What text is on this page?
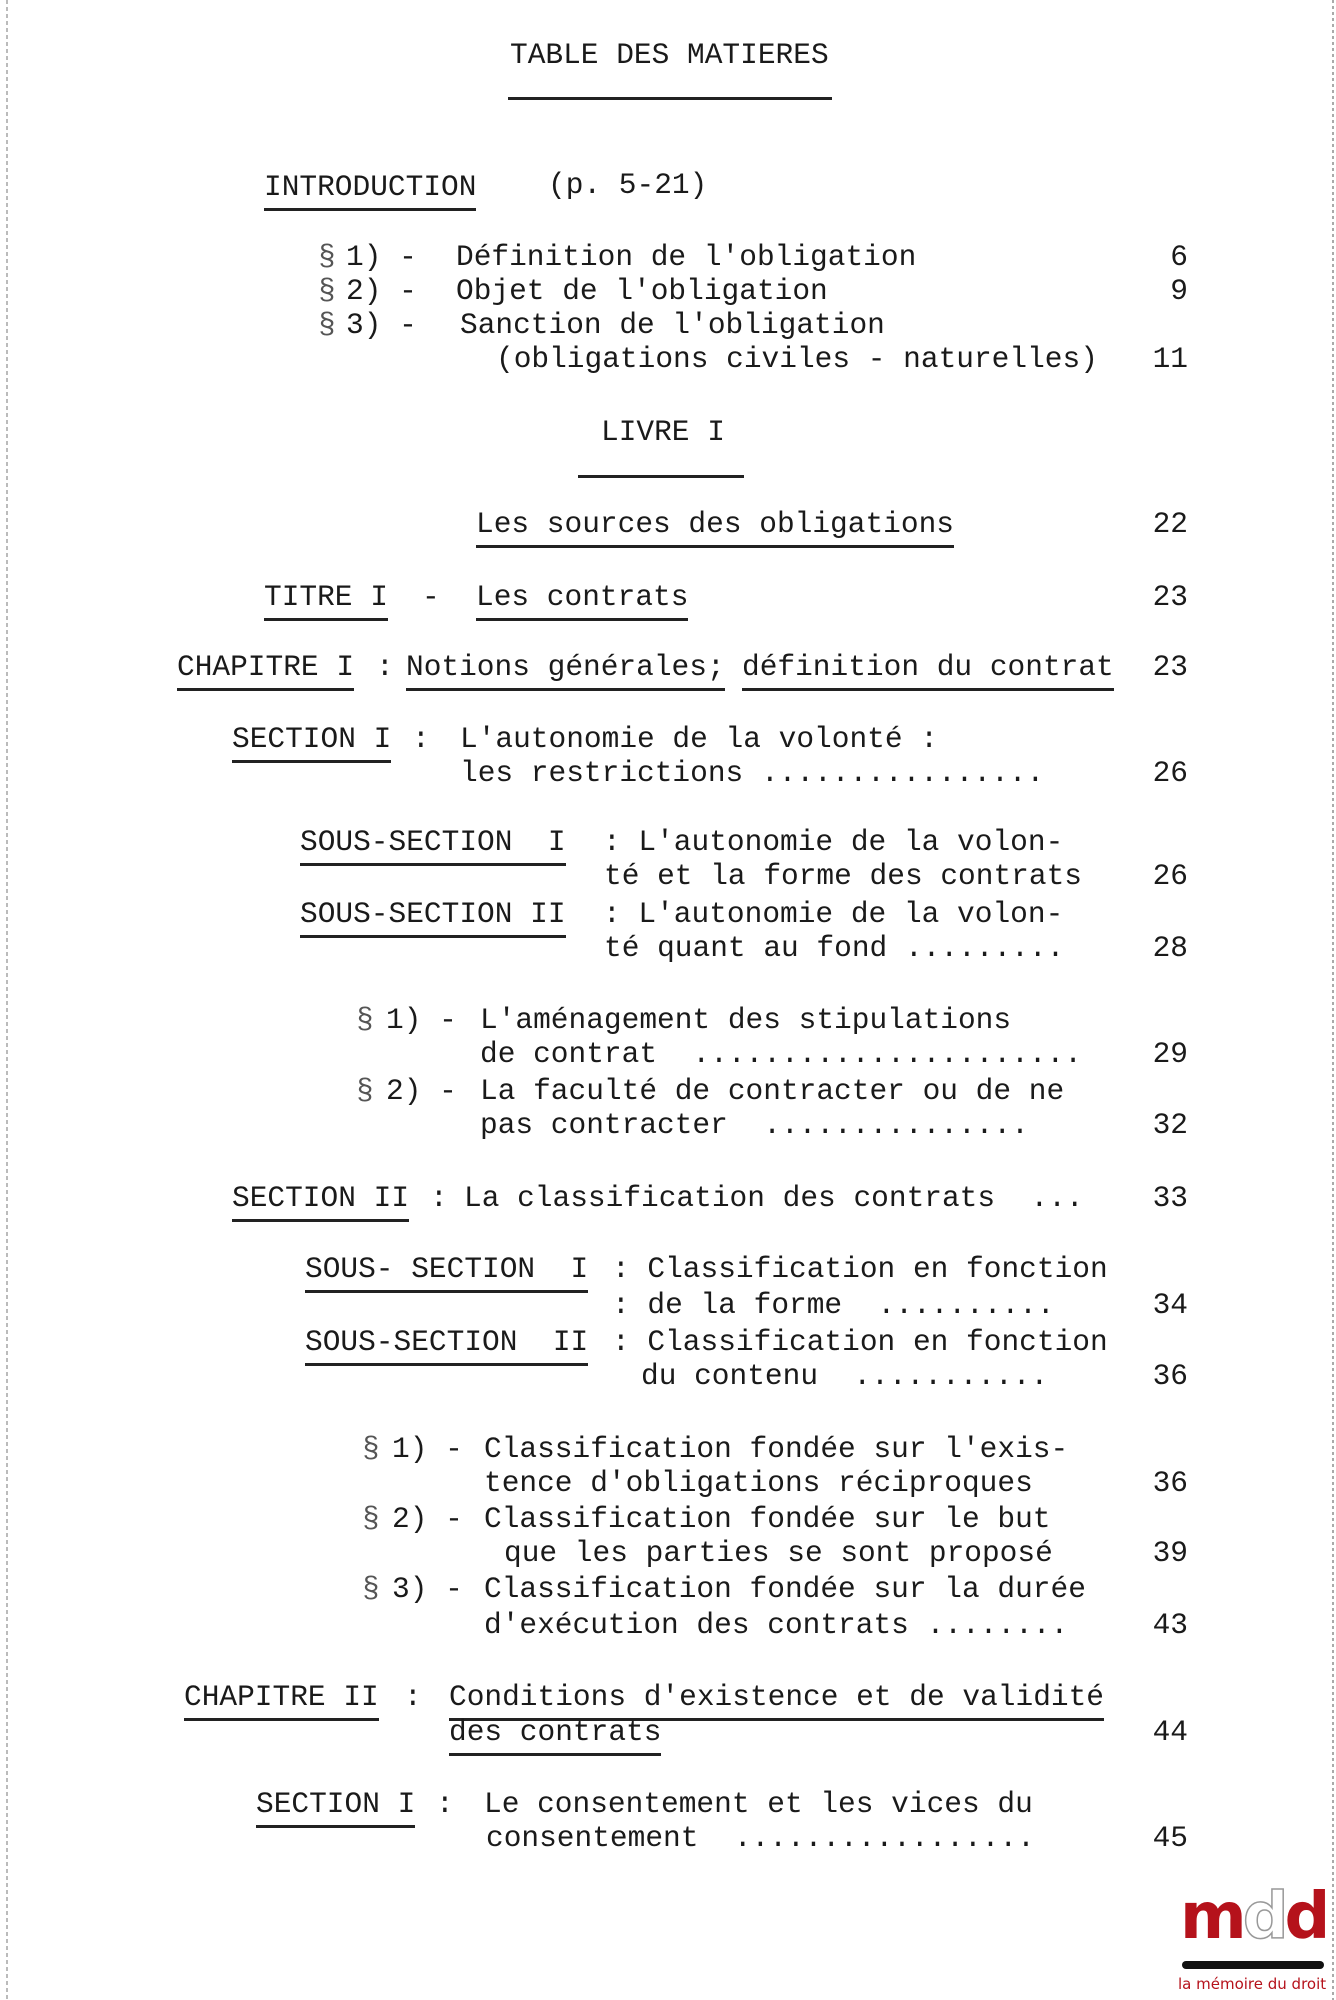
TABLE DES MATIERES
INTRODUCTION (p. 5-21)
§ 1) - Définition de l'obligation	6
§ 2) - Objet de l'obligation	9
§ 3) - Sanction de l'obligation
(obligations civiles - naturelles)	11
LIVRE I
Les sources des obligations	22
TITRE I - Les contrats	23
CHAPITRE I : Notions générales; définition du contrat	23
SECTION I : L'autonomie de la volonté :
les restrictions ................	26
SOUS-SECTION  I : L'autonomie de la volon-
té et la forme des contrats	26
SOUS-SECTION II : L'autonomie de la volon-
té quant au fond .........	28
§ 1) - L'aménagement des stipulations
de contrat  ......................	29
§ 2) - La faculté de contracter ou de ne
pas contracter  ...............	32
SECTION II : La classification des contrats  ...	33
SOUS- SECTION  I : Classification en fonction
: de la forme  ..........	34
SOUS-SECTION  II : Classification en fonction
du contenu  ...........	36
§ 1) - Classification fondée sur l'exis-
tence d'obligations réciproques	36
§ 2) - Classification fondée sur le but
que les parties se sont proposé	39
§ 3) - Classification fondée sur la durée
d'exécution des contrats ........	43
CHAPITRE II : Conditions d'existence et de validité
des contrats	44
SECTION I : Le consentement et les vices du
consentement  .................	45
mdd
la mémoire du droit
